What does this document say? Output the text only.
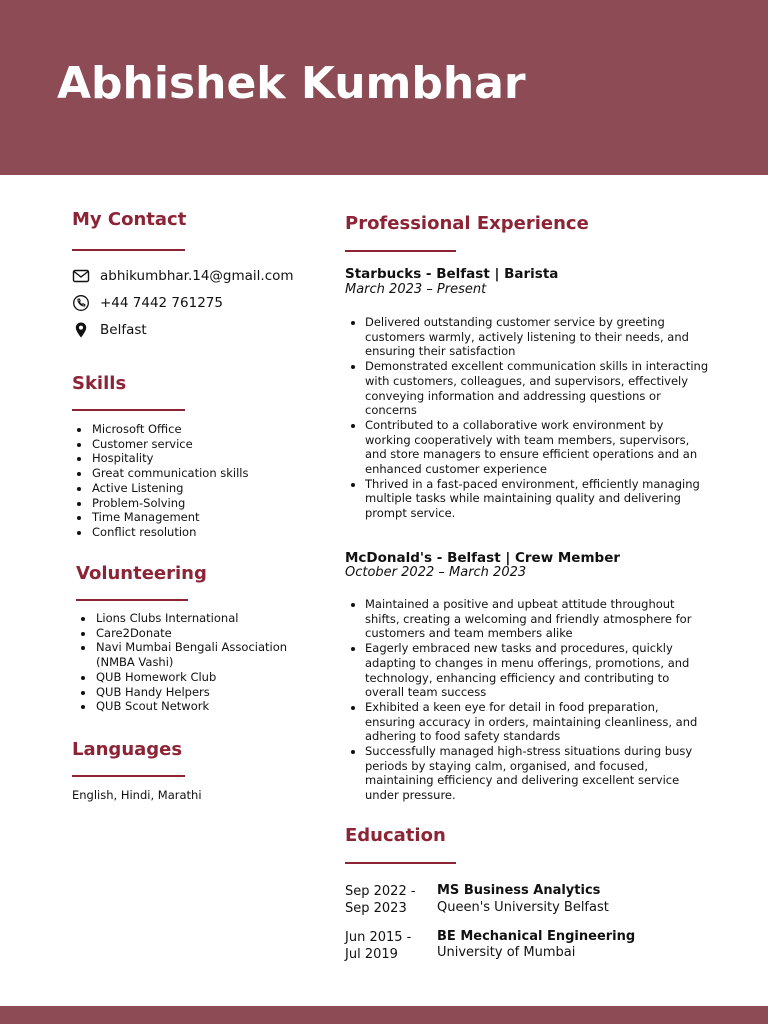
Abhishek Kumbhar
My Contact
abhikumbhar.14@gmail.com
+44 7442 761275
Belfast
Skills
Microsoft Office
Customer service
Hospitality
Great communication skills
Active Listening
Problem-Solving
Time Management
Conflict resolution
Volunteering
Lions Clubs International
Care2Donate
Navi Mumbai Bengali Association (NMBA Vashi)
QUB Homework Club
QUB Handy Helpers
QUB Scout Network
Languages
English, Hindi, Marathi
Professional Experience
Starbucks - Belfast | Barista
March 2023 – Present
Delivered outstanding customer service by greeting customers warmly, actively listening to their needs, and ensuring their satisfaction
Demonstrated excellent communication skills in interacting with customers, colleagues, and supervisors, effectively conveying information and addressing questions or concerns
Contributed to a collaborative work environment by working cooperatively with team members, supervisors, and store managers to ensure efficient operations and an enhanced customer experience
Thrived in a fast-paced environment, efficiently managing multiple tasks while maintaining quality and delivering prompt service.
McDonald's - Belfast | Crew Member
October 2022 – March 2023
Maintained a positive and upbeat attitude throughout shifts, creating a welcoming and friendly atmosphere for customers and team members alike
Eagerly embraced new tasks and procedures, quickly adapting to changes in menu offerings, promotions, and technology, enhancing efficiency and contributing to overall team success
Exhibited a keen eye for detail in food preparation, ensuring accuracy in orders, maintaining cleanliness, and adhering to food safety standards
Successfully managed high-stress situations during busy periods by staying calm, organised, and focused, maintaining efficiency and delivering excellent service under pressure.
Education
Sep 2022 -
Sep 2023
MS Business Analytics
Queen's University Belfast
Jun 2015 -
Jul 2019
BE Mechanical Engineering
University of Mumbai
